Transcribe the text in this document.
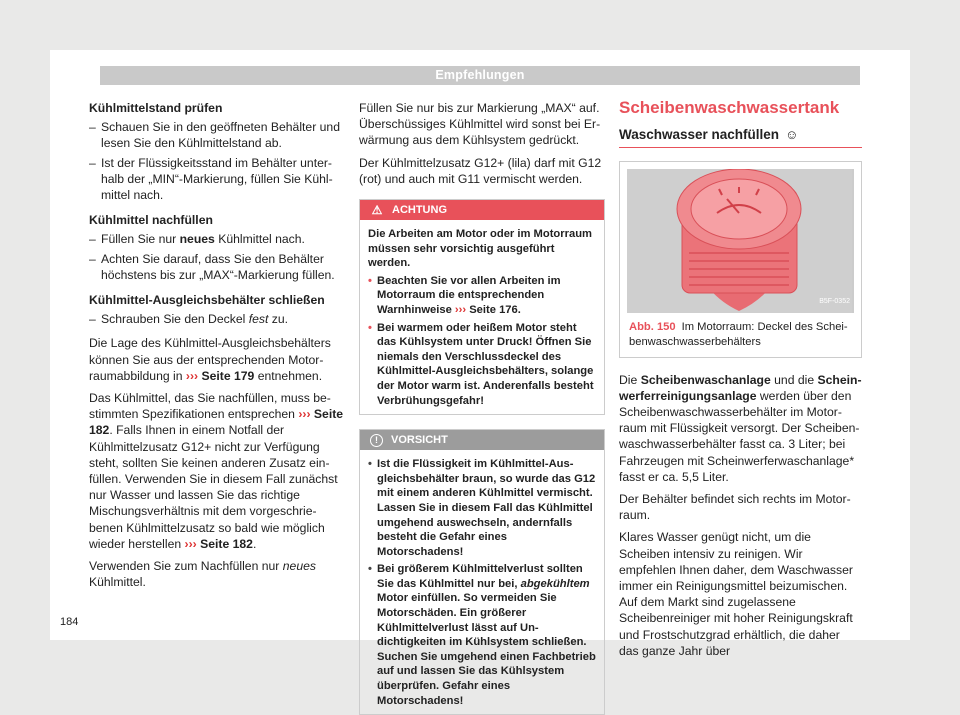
Empfehlungen
Kühlmittelstand prüfen
– Schauen Sie in den geöffneten Behälter und lesen Sie den Kühlmittelstand ab.
– Ist der Flüssigkeitsstand im Behälter unterhalb der „MIN“-Markierung, füllen Sie Kühlmittel nach.
Kühlmittel nachfüllen
– Füllen Sie nur neues Kühlmittel nach.
– Achten Sie darauf, dass Sie den Behälter höchstens bis zur „MAX“-Markierung füllen.
Kühlmittel-Ausgleichsbehälter schließen
– Schrauben Sie den Deckel fest zu.

Die Lage des Kühlmittel-Ausgleichsbehälters können Sie aus der entsprechenden Motorraumabbildung in ››› Seite 179 entnehmen.

Das Kühlmittel, das Sie nachfüllen, muss bestimmten Spezifikationen entsprechen ››› Seite 182. Falls Ihnen in einem Notfall der Kühlmittelzusatz G12+ nicht zur Verfügung steht, sollten Sie keinen anderen Zusatz einfüllen. Verwenden Sie in diesem Fall zunächst nur Wasser und lassen Sie das richtige Mischungsverhältnis mit dem vorgeschriebenen Kühlmittelzusatz so bald wie möglich wieder herstellen ››› Seite 182.

Verwenden Sie zum Nachfüllen nur neues Kühlmittel.

Füllen Sie nur bis zur Markierung „MAX“ auf. Überschüssiges Kühlmittel wird sonst bei Erwärmung aus dem Kühlsystem gedrückt.

Der Kühlmittelzusatz G12+ (lila) darf mit G12 (rot) und auch mit G11 vermischt werden.

⚠ ACHTUNG
Die Arbeiten am Motor oder im Motorraum müssen sehr vorsichtig ausgeführt werden.
• Beachten Sie vor allen Arbeiten im Motorraum die entsprechenden Warnhinweise ››› Seite 176.
• Bei warmem oder heißem Motor steht das Kühlsystem unter Druck! Öffnen Sie niemals den Verschlussdeckel des Kühlmittel-Ausgleichsbehälters, solange der Motor warm ist. Anderenfalls besteht Verbrühungsgefahr!
!	VORSICHT
• Ist die Flüssigkeit im Kühlmittel-Ausgleichsbehälter braun, so wurde das G12 mit einem anderen Kühlmittel vermischt. Lassen Sie in diesem Fall das Kühlmittel umgehend auswechseln, andernfalls besteht die Gefahr eines Motorschadens!
• Bei größerem Kühlmittelverlust sollten Sie das Kühlmittel nur bei, abgekühltem Motor einfüllen. So vermeiden Sie Motorschäden. Ein größerer Kühlmittelverlust lässt auf Undichtigkeiten im Kühlsystem schließen. Suchen Sie umgehend einen Fachbetrieb auf und lassen Sie das Kühlsystem überprüfen. Gefahr eines Motorschadens!
Scheibenwaschwassertank
Waschwasser nachfüllen ☺
B5F-0352
Abb. 150 Im Motorraum: Deckel des Scheibenwaschwasserbehälters

Die Scheibenwaschanlage und die Scheinwerferreinigungsanlage werden über den Scheibenwaschwasserbehälter im Motorraum mit Flüssigkeit versorgt. Der Scheibenwaschwasserbehälter fasst ca. 3 Liter; bei Fahrzeugen mit Scheinwerferwaschanlage* fasst er ca. 5,5 Liter.

Der Behälter befindet sich rechts im Motorraum.

Klares Wasser genügt nicht, um die Scheiben intensiv zu reinigen. Wir empfehlen Ihnen daher, dem Waschwasser immer ein Reinigungsmittel beizumischen. Auf dem Markt sind zugelassene Scheibenreiniger mit hoher Reinigungskraft und Frostschutzgrad erhältlich, die daher das ganze Jahr über

184
